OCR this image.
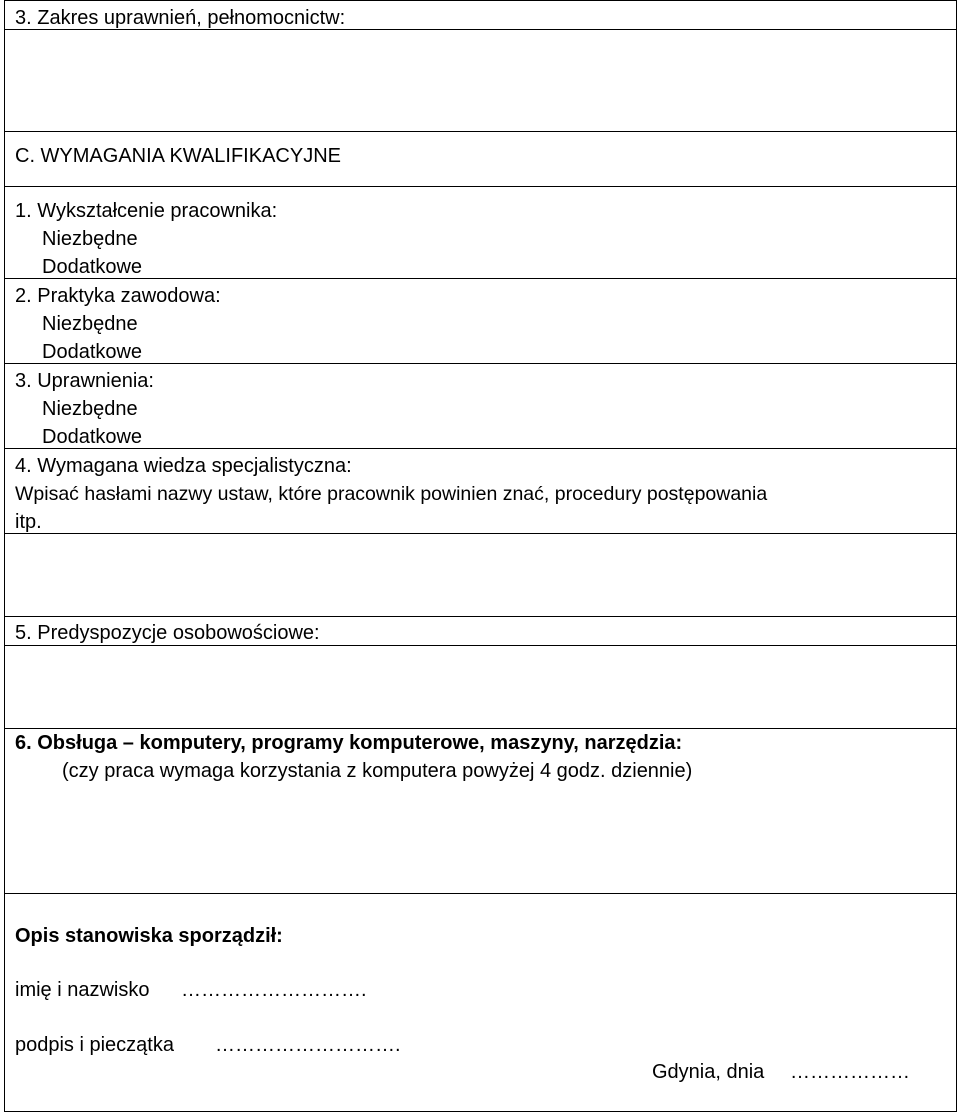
3. Zakres uprawnień, pełnomocnictw:
C. WYMAGANIA KWALIFIKACYJNE
1. Wykształcenie pracownika:
Niezbędne
Dodatkowe
2. Praktyka zawodowa:
Niezbędne
Dodatkowe
3. Uprawnienia:
Niezbędne
Dodatkowe
4. Wymagana wiedza specjalistyczna:
Wpisać hasłami nazwy ustaw, które pracownik powinien znać, procedury postępowania
itp.
5. Predyspozycje osobowościowe:
6. Obsługa – komputery, programy komputerowe, maszyny, narzędzia:
(czy praca wymaga korzystania z komputera powyżej 4 godz. dziennie)
Opis stanowiska sporządził:
imię i nazwisko ……………………….
podpis i pieczątka ……………………….
Gdynia, dnia ………………
